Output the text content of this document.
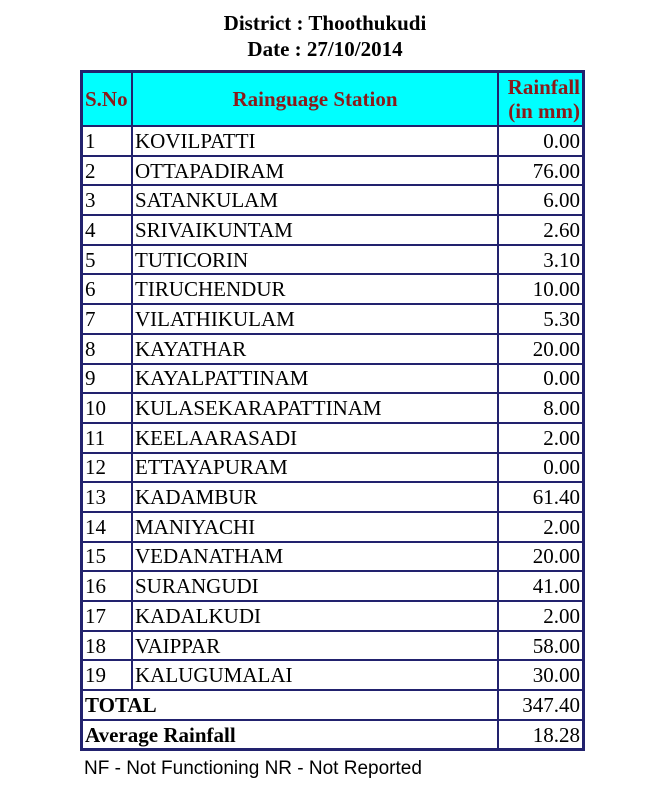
District : Thoothukudi
Date : 27/10/2014
S.No	Rainguage Station	Rainfall
(in mm)
1	KOVILPATTI	0.00
2	OTTAPADIRAM	76.00
3	SATANKULAM	6.00
4	SRIVAIKUNTAM	2.60
5	TUTICORIN	3.10
6	TIRUCHENDUR	10.00
7	VILATHIKULAM	5.30
8	KAYATHAR	20.00
9	KAYALPATTINAM	0.00
10	KULASEKARAPATTINAM	8.00
11	KEELAARASADI	2.00
12	ETTAYAPURAM	0.00
13	KADAMBUR	61.40
14	MANIYACHI	2.00
15	VEDANATHAM	20.00
16	SURANGUDI	41.00
17	KADALKUDI	2.00
18	VAIPPAR	58.00
19	KALUGUMALAI	30.00
TOTAL		347.40
Average Rainfall		18.28
NF - Not Functioning NR - Not Reported
